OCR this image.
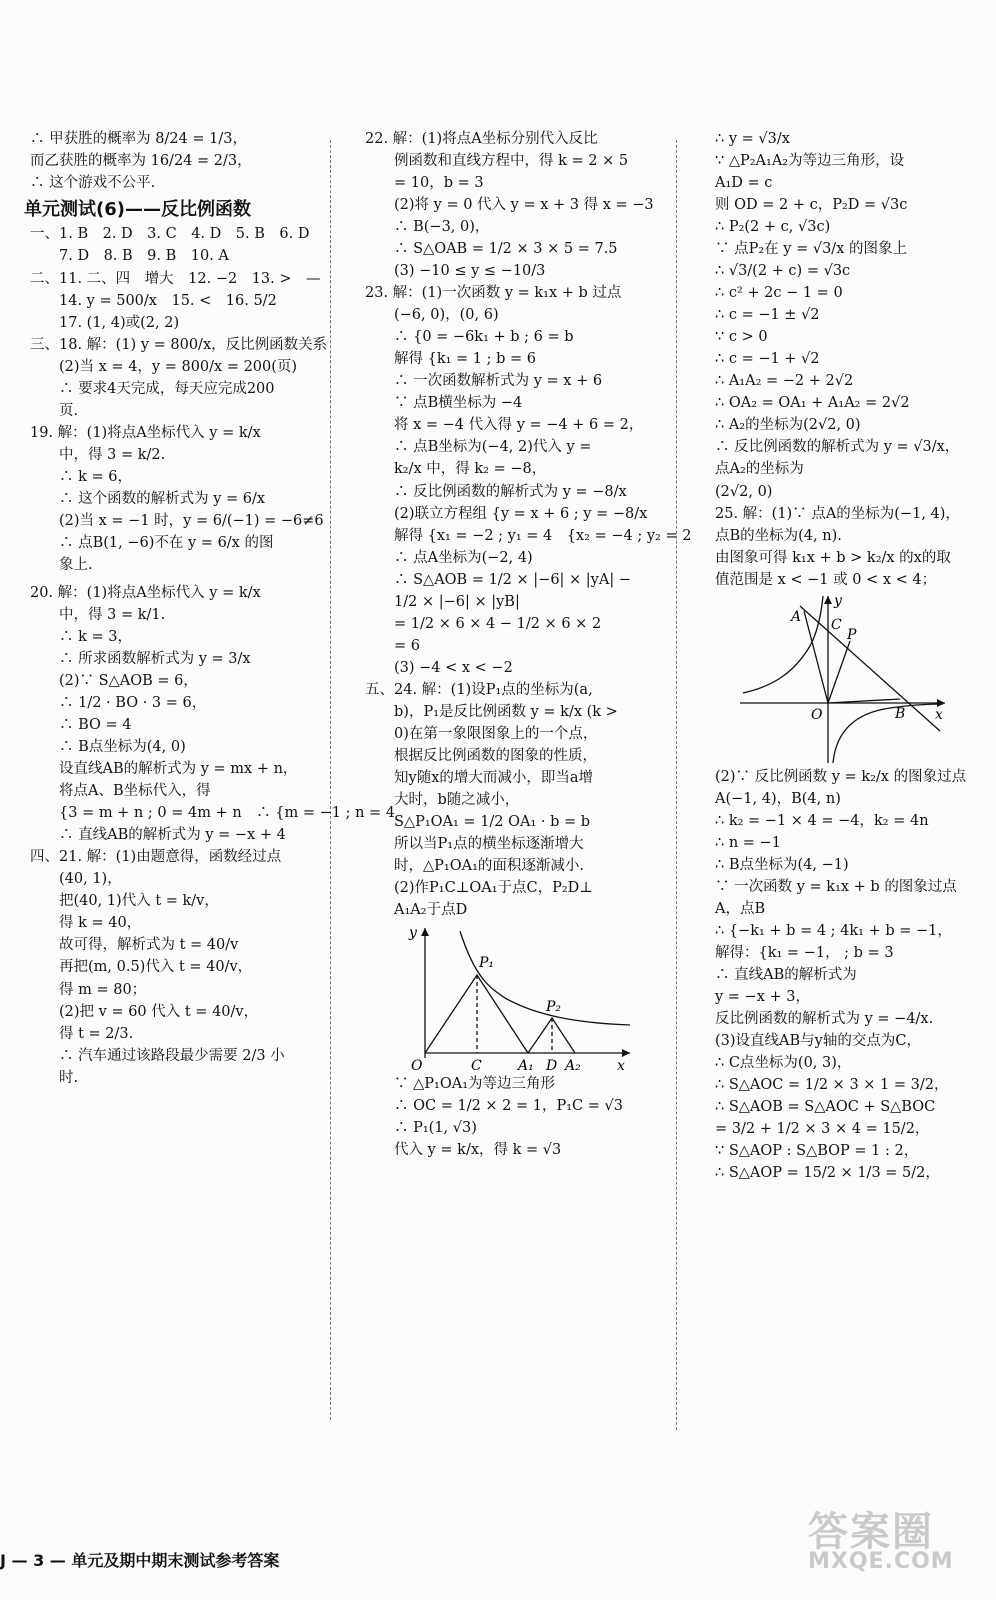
∴ 甲获胜的概率为 8/24 = 1/3，
而乙获胜的概率为 16/24 = 2/3，
∴ 这个游戏不公平.
单元测试(6)——反比例函数
一、1. B　2. D　3. C　4. D　5. B　6. D
　　7. D　8. B　9. B　10. A
二、11. 二、四　增大　12. −2　13. >　—
　　14. y = 500/x　15. <　16. 5/2
　　17. (1, 4)或(2, 2)
三、18. 解：(1) y = 800/x，反比例函数关系
　　(2)当 x = 4，y = 800/x = 200(页)
　　∴ 要求4天完成，每天应完成200
　　页.
19. 解：(1)将点A坐标代入 y = k/x
　　中，得 3 = k/2.
　　∴ k = 6，
　　∴ 这个函数的解析式为 y = 6/x
　　(2)当 x = −1 时，y = 6/(−1) = −6≠6
　　∴ 点B(1, −6)不在 y = 6/x 的图
　　象上.
20. 解：(1)将点A坐标代入 y = k/x
　　中，得 3 = k/1.
　　∴ k = 3，
　　∴ 所求函数解析式为 y = 3/x
　　(2)∵ S△AOB = 6，
　　∴ 1/2 · BO · 3 = 6，
　　∴ BO = 4
　　∴ B点坐标为(4, 0)
　　设直线AB的解析式为 y = mx + n，
　　将点A、B坐标代入，得
　　{3 = m + n ; 0 = 4m + n　∴ {m = −1 ; n = 4
　　∴ 直线AB的解析式为 y = −x + 4
四、21. 解：(1)由题意得，函数经过点
　　(40, 1)，
　　把(40, 1)代入 t = k/v，
　　得 k = 40，
　　故可得，解析式为 t = 40/v
　　再把(m, 0.5)代入 t = 40/v，
　　得 m = 80；
　　(2)把 v = 60 代入 t = 40/v，
　　得 t = 2/3.
　　∴ 汽车通过该路段最少需要 2/3 小
　　时.
22. 解：(1)将点A坐标分别代入反比
　　例函数和直线方程中，得 k = 2 × 5
　　= 10，b = 3
　　(2)将 y = 0 代入 y = x + 3 得 x = −3
　　∴ B(−3, 0)，
　　∴ S△OAB = 1/2 × 3 × 5 = 7.5
　　(3) −10 ≤ y ≤ −10/3
23. 解：(1)一次函数 y = k₁x + b 过点
　　(−6, 0)，(0, 6)
　　∴ {0 = −6k₁ + b ; 6 = b
　　解得 {k₁ = 1 ; b = 6
　　∴ 一次函数解析式为 y = x + 6
　　∵ 点B横坐标为 −4
　　将 x = −4 代入得 y = −4 + 6 = 2，
　　∴ 点B坐标为(−4, 2)代入 y =
　　k₂/x 中，得 k₂ = −8，
　　∴ 反比例函数的解析式为 y = −8/x
　　(2)联立方程组 {y = x + 6 ; y = −8/x
　　解得 {x₁ = −2 ; y₁ = 4　{x₂ = −4 ; y₂ = 2
　　∴ 点A坐标为(−2, 4)
　　∴ S△AOB = 1/2 × |−6| × |yA| −
　　1/2 × |−6| × |yB|
　　= 1/2 × 6 × 4 − 1/2 × 6 × 2
　　= 6
　　(3) −4 < x < −2
五、24. 解：(1)设P₁点的坐标为(a,
　　b)，P₁是反比例函数 y = k/x (k >
　　0)在第一象限图象上的一个点，
　　根据反比例函数的图象的性质，
　　知y随x的增大而减小，即当a增
　　大时，b随之减小，
　　S△P₁OA₁ = 1/2 OA₁ · b = b
　　所以当P₁点的横坐标逐渐增大
　　时，△P₁OA₁的面积逐渐减小.
　　(2)作P₁C⊥OA₁于点C，P₂D⊥
　　A₁A₂于点D
y
P₁
P₂
O	C	A₁ D A₂	x
　　∵ △P₁OA₁为等边三角形
　　∴ OC = 1/2 × 2 = 1，P₁C = √3
　　∴ P₁(1, √3)
　　代入 y = k/x，得 k = √3
∴ y = √3/x
∵ △P₂A₁A₂为等边三角形，设
A₁D = c
则 OD = 2 + c，P₂D = √3c
∴ P₂(2 + c, √3c)
∵ 点P₂在 y = √3/x 的图象上
∴ √3/(2 + c) = √3c
∴ c² + 2c − 1 = 0
∴ c = −1 ± √2
∵ c > 0
∴ c = −1 + √2
∴ A₁A₂ = −2 + 2√2
∴ OA₂ = OA₁ + A₁A₂ = 2√2
∴ A₂的坐标为(2√2, 0)
∴ 反比例函数的解析式为 y = √3/x，
点A₂的坐标为
(2√2, 0)
25. 解：(1)∵ 点A的坐标为(−1, 4)，
点B的坐标为(4, n).
由图象可得 k₁x + b > k₂/x 的x的取
值范围是 x < −1 或 0 < x < 4；
y
A C
P
O	B x
(2)∵ 反比例函数 y = k₂/x 的图象过点
A(−1, 4)，B(4, n)
∴ k₂ = −1 × 4 = −4，k₂ = 4n
∴ n = −1
∴ B点坐标为(4, −1)
∵ 一次函数 y = k₁x + b 的图象过点
A，点B
∴ {−k₁ + b = 4 ; 4k₁ + b = −1，
解得：{k₁ = −1， ; b = 3
∴ 直线AB的解析式为
y = −x + 3，
反比例函数的解析式为 y = −4/x.
(3)设直线AB与y轴的交点为C，
∴ C点坐标为(0, 3)，
∴ S△AOC = 1/2 × 3 × 1 = 3/2，
∴ S△AOB = S△AOC + S△BOC
= 3/2 + 1/2 × 3 × 4 = 15/2，
∵ S△AOP : S△BOP = 1 : 2，
∴ S△AOP = 15/2 × 1/3 = 5/2，
J — 3 — 单元及期中期末测试参考答案
答案圈
MXQE.COM
